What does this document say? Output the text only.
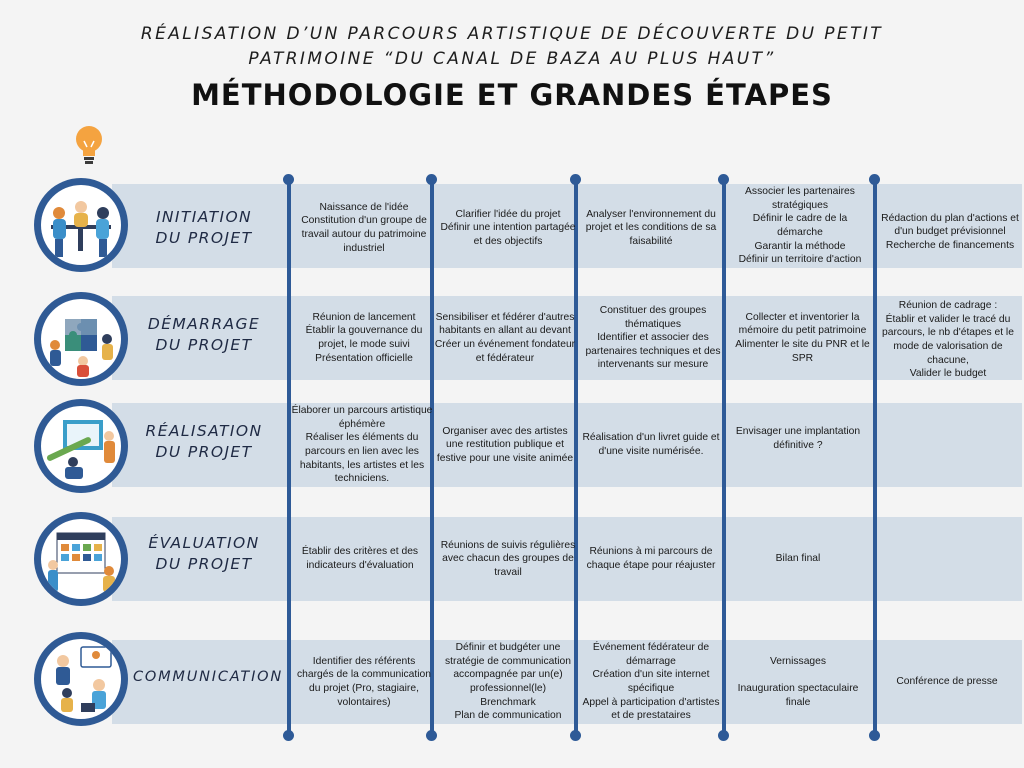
RÉALISATION D’UN PARCOURS ARTISTIQUE DE DÉCOUVERTE DU PETIT
PATRIMOINE “DU CANAL DE BAZA AU PLUS HAUT”
MÉTHODOLOGIE ET GRANDES ÉTAPES
INITIATION
DU PROJET
DÉMARRAGE
DU PROJET
RÉALISATION
DU PROJET
ÉVALUATION
DU PROJET
COMMUNICATION
Naissance de l'idée
Constitution d'un groupe de travail autour du patrimoine industriel
Clarifier l'idée du projet
Définir une intention partagée et des objectifs
Analyser l'environnement du projet et les conditions de sa faisabilité
Associer les partenaires stratégiques
Définir le cadre de la démarche
Garantir la méthode
Définir un territoire d'action
Rédaction du plan d'actions et d'un budget prévisionnel
Recherche de financements
Réunion de lancement
Établir la gouvernance du projet, le mode suivi
Présentation officielle
Sensibiliser et fédérer d'autres habitants en allant au devant
Créer un événement fondateur et fédérateur
Constituer des groupes thématiques
Identifier et associer des partenaires techniques et des intervenants sur mesure
Collecter et inventorier la mémoire du petit patrimoine
Alimenter le site du PNR et le SPR
Réunion de cadrage :
Établir et valider le tracé du parcours, le nb d'étapes et le mode de valorisation de chacune,
Valider le budget
Élaborer un parcours artistique éphémère
Réaliser les éléments du parcours en lien avec les habitants, les artistes et les techniciens.
Organiser avec des artistes une restitution publique et festive pour une visite animée
Réalisation d'un livret guide et d'une visite numérisée.
Envisager une implantation définitive ?
Établir des critères et des indicateurs d'évaluation
Réunions de suivis régulières avec chacun des groupes de travail
Réunions à mi parcours de chaque étape pour réajuster
Bilan final
Identifier des référents chargés de la communication du projet (Pro, stagiaire, volontaires)
Définir et budgéter une stratégie de communication accompagnée par un(e) professionnel(le)
Brenchmark
Plan de communication
Événement fédérateur de démarrage
Création d'un site internet spécifique
Appel à participation d'artistes et de prestataires
Vernissages

Inauguration spectaculaire finale
Conférence de presse
